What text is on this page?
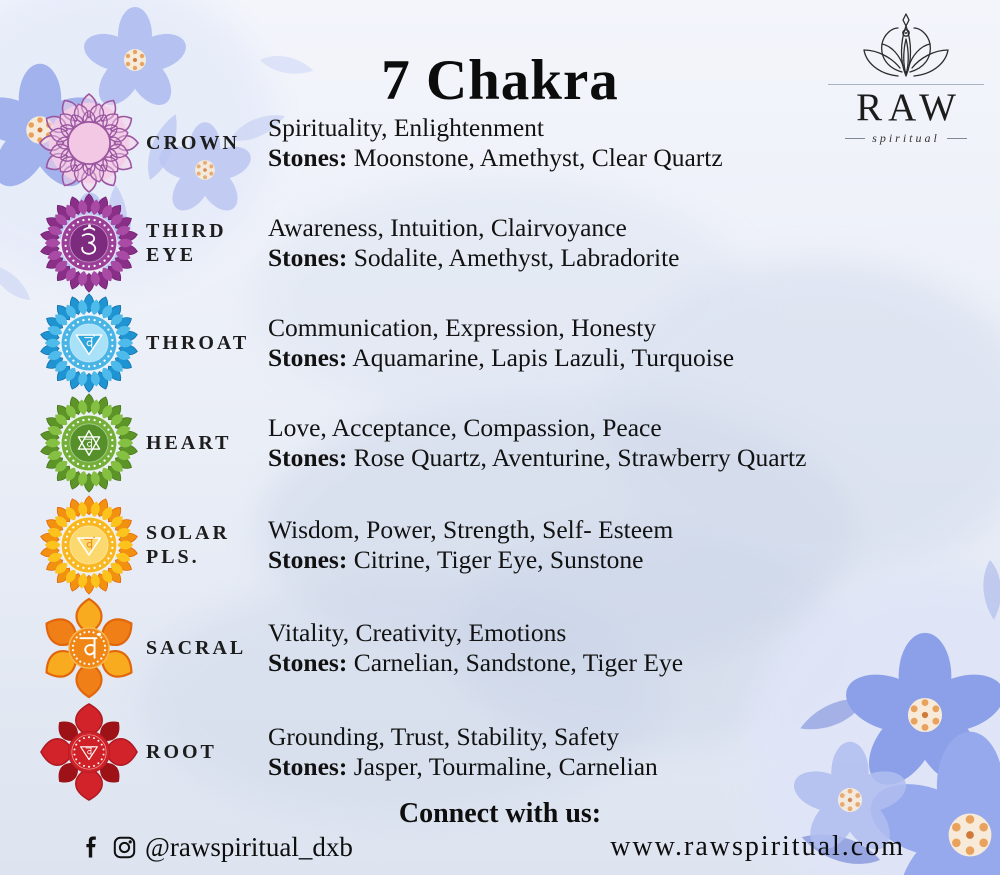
7 Chakra	RAW
spiritual
CROWN
Spirituality, Enlightenment
Stones: Moonstone, Amethyst, Clear Quartz
THIRD
EYE
Awareness, Intuition, Clairvoyance
Stones: Sodalite, Amethyst, Labradorite
THROAT
Communication, Expression, Honesty
Stones: Aquamarine, Lapis Lazuli, Turquoise
HEART
Love, Acceptance, Compassion, Peace
Stones: Rose Quartz, Aventurine, Strawberry Quartz
SOLAR
PLS.
Wisdom, Power, Strength, Self- Esteem
Stones: Citrine, Tiger Eye, Sunstone
SACRAL
Vitality, Creativity, Emotions
Stones: Carnelian, Sandstone, Tiger Eye
ROOT
Grounding, Trust, Stability, Safety
Stones: Jasper, Tourmaline, Carnelian
Connect with us:
@rawspiritual_dxb	www.rawspiritual.com
